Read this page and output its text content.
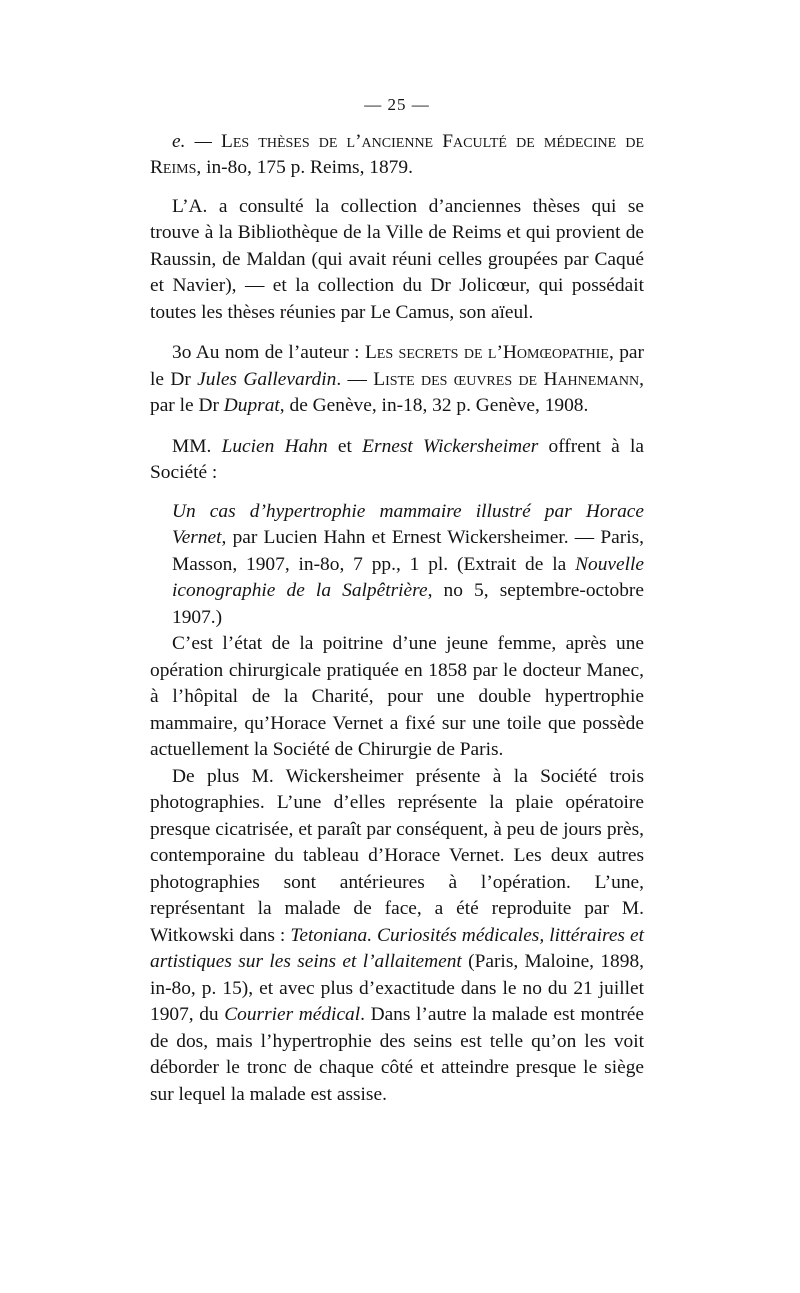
— 25 —

e. — Les thèses de l’ancienne Faculté de médecine de Reims, in-8o, 175 p. Reims, 1879.

L’A. a consulté la collection d’anciennes thèses qui se trouve à la Bibliothèque de la Ville de Reims et qui provient de Raussin, de Maldan (qui avait réuni celles groupées par Caqué et Navier), — et la collection du Dr Jolicœur, qui possédait toutes les thèses réunies par Le Camus, son aïeul.

3o Au nom de l’auteur : Les secrets de l’Homœopathie, par le Dr Jules Gallevardin. — Liste des œuvres de Hahnemann, par le Dr Duprat, de Genève, in-18, 32 p. Genève, 1908.

MM. Lucien Hahn et Ernest Wickersheimer offrent à la Société :

Un cas d’hypertrophie mammaire illustré par Horace Vernet, par Lucien Hahn et Ernest Wickersheimer. — Paris, Masson, 1907, in-8o, 7 pp., 1 pl. (Extrait de la Nouvelle iconographie de la Salpêtrière, no 5, septembre-octobre 1907.)

C’est l’état de la poitrine d’une jeune femme, après une opération chirurgicale pratiquée en 1858 par le docteur Manec, à l’hôpital de la Charité, pour une double hypertrophie mammaire, qu’Horace Vernet a fixé sur une toile que possède actuellement la Société de Chirurgie de Paris.

De plus M. Wickersheimer présente à la Société trois photographies. L’une d’elles représente la plaie opératoire presque cicatrisée, et paraît par conséquent, à peu de jours près, contemporaine du tableau d’Horace Vernet. Les deux autres photographies sont antérieures à l’opération. L’une, représentant la malade de face, a été reproduite par M. Witkowski dans : Tetoniana. Curiosités médicales, littéraires et artistiques sur les seins et l’allaitement (Paris, Maloine, 1898, in-8o, p. 15), et avec plus d’exactitude dans le no du 21 juillet 1907, du Courrier médical. Dans l’autre la malade est montrée de dos, mais l’hypertrophie des seins est telle qu’on les voit déborder le tronc de chaque côté et atteindre presque le siège sur lequel la malade est assise.
